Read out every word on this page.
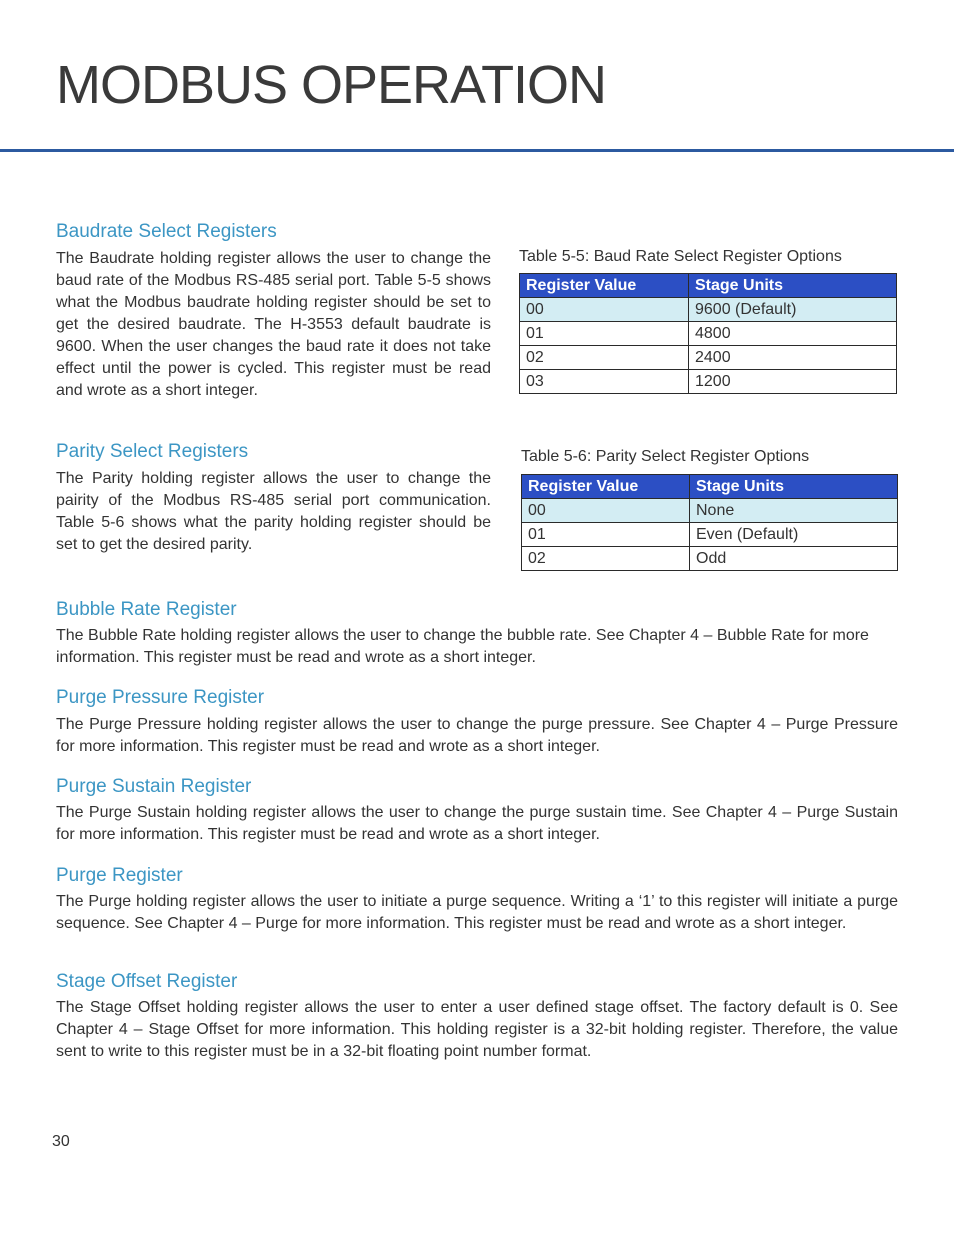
MODBUS OPERATION
Baudrate Select Registers

The Baudrate holding register allows the user to change the baud rate of the Modbus RS-485 serial port. Table 5-5 shows what the Modbus baudrate holding register should be set to get the desired baudrate. The H-3553 default baudrate is 9600. When the user changes the baud rate it does not take effect until the power is cycled. This register must be read and wrote as a short integer.

Table 5-5: Baud Rate Select Register Options

Register Value	Stage Units
00	9600 (Default)
01	4800
02	2400
03	1200
Parity Select Registers

The Parity holding register allows the user to change the pairity of the Modbus RS-485 serial port communication. Table 5-6 shows what the parity holding register should be set to get the desired parity.

Table 5-6: Parity Select Register Options

Register Value	Stage Units
00	None
01	Even (Default)
02	Odd
Bubble Rate Register

The Bubble Rate holding register allows the user to change the bubble rate. See Chapter 4 – Bubble Rate for more information. This register must be read and wrote as a short integer.

Purge Pressure Register

The Purge Pressure holding register allows the user to change the purge pressure. See Chapter 4 – Purge Pressure for more information. This register must be read and wrote as a short integer.

Purge Sustain Register

The Purge Sustain holding register allows the user to change the purge sustain time. See Chapter 4 – Purge Sustain for more information. This register must be read and wrote as a short integer.

Purge Register

The Purge holding register allows the user to initiate a purge sequence. Writing a ‘1’ to this register will initiate a purge sequence. See Chapter 4 – Purge for more information. This register must be read and wrote as a short integer.

Stage Offset Register

The Stage Offset holding register allows the user to enter a user defined stage offset. The factory default is 0. See Chapter 4 – Stage Offset for more information. This holding register is a 32-bit holding register. Therefore, the value sent to write to this register must be in a 32-bit floating point number format.

30
